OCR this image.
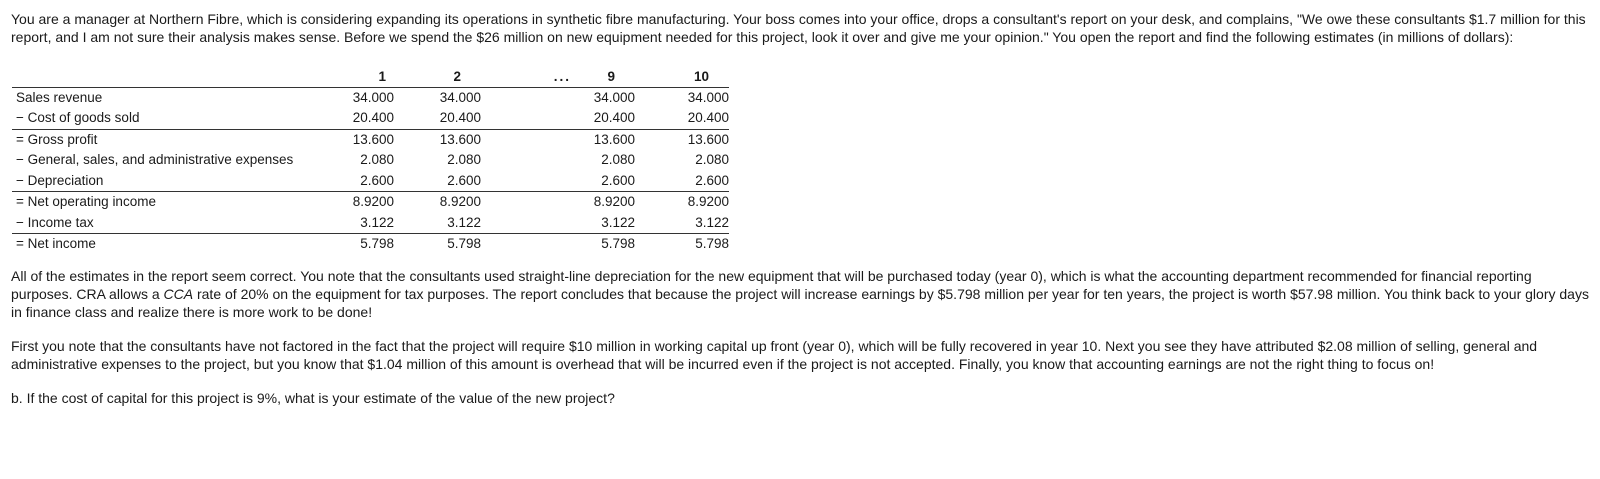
You are a manager at Northern Fibre, which is considering expanding its operations in synthetic fibre manufacturing. Your boss comes into your office, drops a consultant's report on your desk, and complains, "We owe these consultants $1.7 million for this report, and I am not sure their analysis makes sense. Before we spend the $26 million on new equipment needed for this project, look it over and give me your opinion." You open the report and find the following estimates (in millions of dollars):

	1	2	...	9	10
Sales revenue	34.000	34.000		34.000	34.000
− Cost of goods sold	20.400	20.400		20.400	20.400
= Gross profit	13.600	13.600		13.600	13.600
− General, sales, and administrative expenses	2.080	2.080		2.080	2.080
− Depreciation	2.600	2.600		2.600	2.600
= Net operating income	8.9200	8.9200		8.9200	8.9200
− Income tax	3.122	3.122		3.122	3.122
= Net income	5.798	5.798		5.798	5.798

All of the estimates in the report seem correct. You note that the consultants used straight-line depreciation for the new equipment that will be purchased today (year 0), which is what the accounting department recommended for financial reporting purposes. CRA allows a CCA rate of 20% on the equipment for tax purposes. The report concludes that because the project will increase earnings by $5.798 million per year for ten years, the project is worth $57.98 million. You think back to your glory days in finance class and realize there is more work to be done!

First you note that the consultants have not factored in the fact that the project will require $10 million in working capital up front (year 0), which will be fully recovered in year 10. Next you see they have attributed $2.08 million of selling, general and administrative expenses to the project, but you know that $1.04 million of this amount is overhead that will be incurred even if the project is not accepted. Finally, you know that accounting earnings are not the right thing to focus on!

b. If the cost of capital for this project is 9%, what is your estimate of the value of the new project?
